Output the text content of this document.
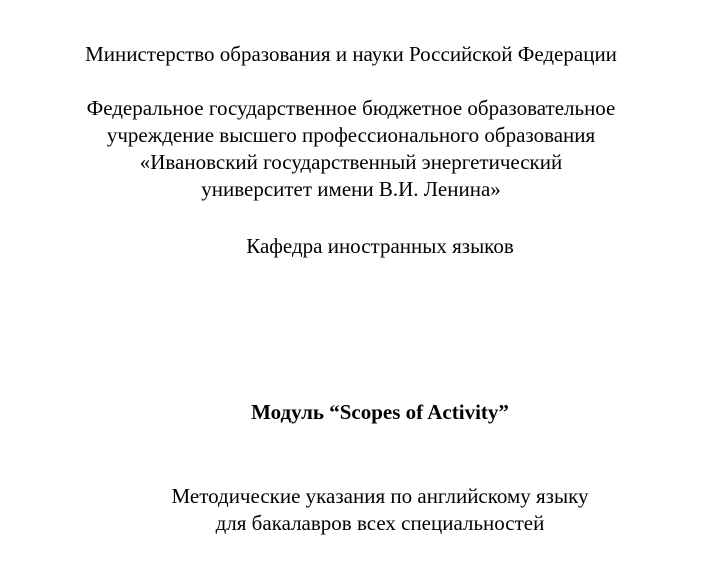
Министерство образования и науки Российской Федерации
Федеральное государственное бюджетное образовательное
учреждение высшего профессионального образования
«Ивановский государственный энергетический
университет имени В.И. Ленина»
Кафедра иностранных языков
Модуль “Scopes of Activity”
Методические указания по английскому языку
для бакалавров всех специальностей
